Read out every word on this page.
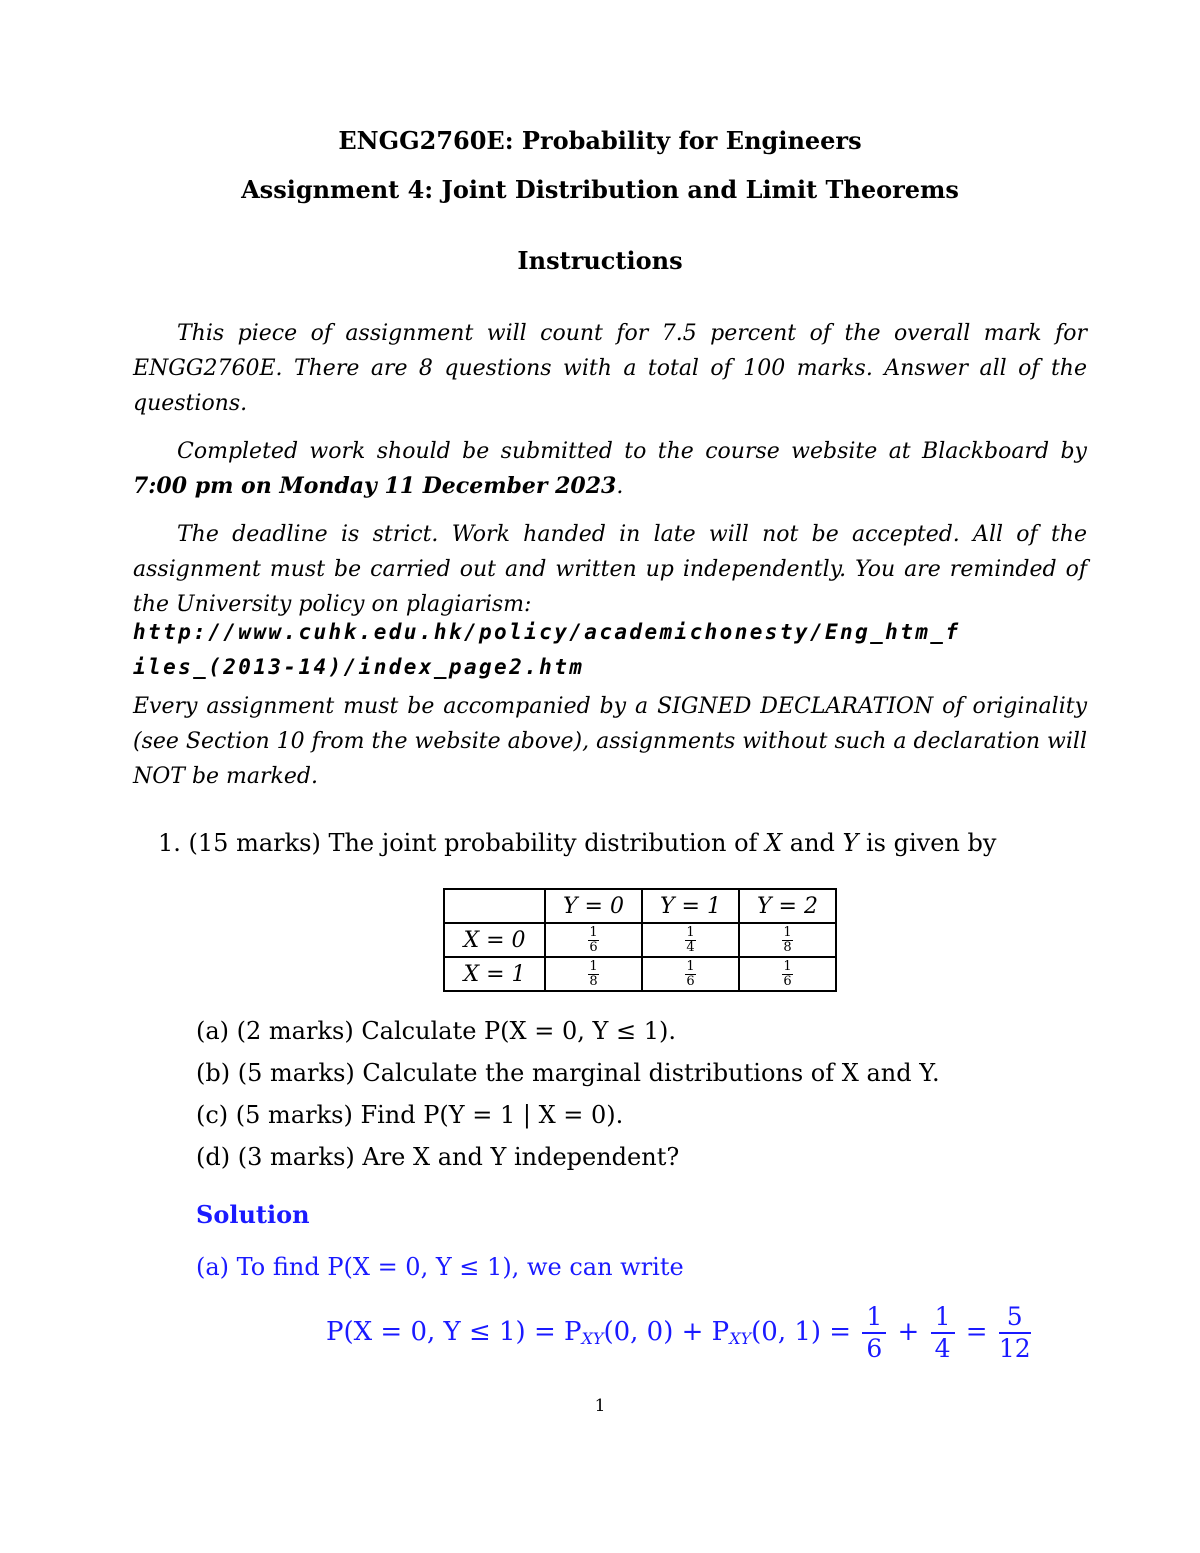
ENGG2760E: Probability for Engineers
Assignment 4: Joint Distribution and Limit Theorems
Instructions
This piece of assignment will count for 7.5 percent of the overall mark for ENGG2760E. There are 8 questions with a total of 100 marks. Answer all of the questions.
Completed work should be submitted to the course website at Blackboard by 7:00 pm on Monday 11 December 2023.
The deadline is strict. Work handed in late will not be accepted. All of the assignment must be carried out and written up independently. You are reminded of the University policy on plagiarism:
http://www.cuhk.edu.hk/policy/academichonesty/Eng_htm_f
iles_(2013-14)/index_page2.htm
Every assignment must be accompanied by a SIGNED DECLARATION of originality (see Section 10 from the website above), assignments without such a declaration will NOT be marked.
1. (15 marks) The joint probability distribution of X and Y is given by
	Y = 0	Y = 1	Y = 2
X = 0	$\frac{1}{6}$	$\frac{1}{4}$	$\frac{1}{8}$

X = 1	$\frac{1}{8}$	$\frac{1}{6}$	$\frac{1}{6}$
(a) (2 marks) Calculate P(X = 0, Y ≤ 1).
(b) (5 marks) Calculate the marginal distributions of X and Y.
(c) (5 marks) Find P(Y = 1 | X = 0).
(d) (3 marks) Are X and Y independent?
Solution
(a) To find P(X = 0, Y ≤ 1), we can write
P(X = 0, Y ≤ 1) = PXY(0, 0) + PXY(0, $1) = \frac{1}{6} + \frac{1}{4} = \frac{5}{12}$
1
